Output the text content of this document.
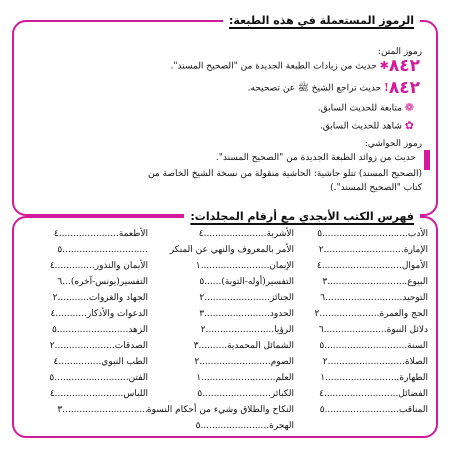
الرموز المستعملة في هذه الطبعة:
رموز المتن:
٨٤٢✱ حديث من زيادات الطبعة الجديدة من "الصحيح المسند".
٨٤٢! حديث تراجع الشيخ ﷺ عن تصحيحه.
❁ متابعة للحديث السابق.
✿ شاهد للحديث السابق.
رموز الحواشي:
حديث من زوائد الطبعة الجديدة من "الصحيح المسند".
(الصحيح المسند) تتلو حاشية: الحاشية منقولة من نسخة الشيخ الخاصة من
كتاب "الصحيح المسند".)
فهرس الكتب الأبجدي مع أرقام المجلدات:
الأدب..............................٥
الإمارة............................٢
الأموال............................٤
البيوع............................٣
التوحيد...........................٦
الحج والعمرة.....................٢
دلائل النبوة......................٦
السنة.............................٥
الصلاة...........................٢
الطهارة..........................١
الفضائل..........................٤
المناقب..........................٥
الأشربة......................٤
الأمر بالمعروف والنهي عن المنكر
الإيمان........................١
التفسير(أوله-التوبة)......٥
الجنائز.......................٢
الحدود.......................٣
الرؤيا........................٢
الشمائل المحمدية..........٣
الصوم.........................٢
العلم..........................١
الكبائر........................٥
النكاح والطلاق وشيء من أحكام النسوة
الهجرة........................٥
الأطعمة.....................٤
..............................٥
الأيمان والنذور..............٤
التفسير(يونس-آخره)...٦
الجهاد والغزوات...........٢
الدعوات والأذكار...........٤
الزهد.........................٥
الصدقات.....................٢
الطب النبوي...............٤
الفتن..........................٥
اللباس........................٤
..............................٣
